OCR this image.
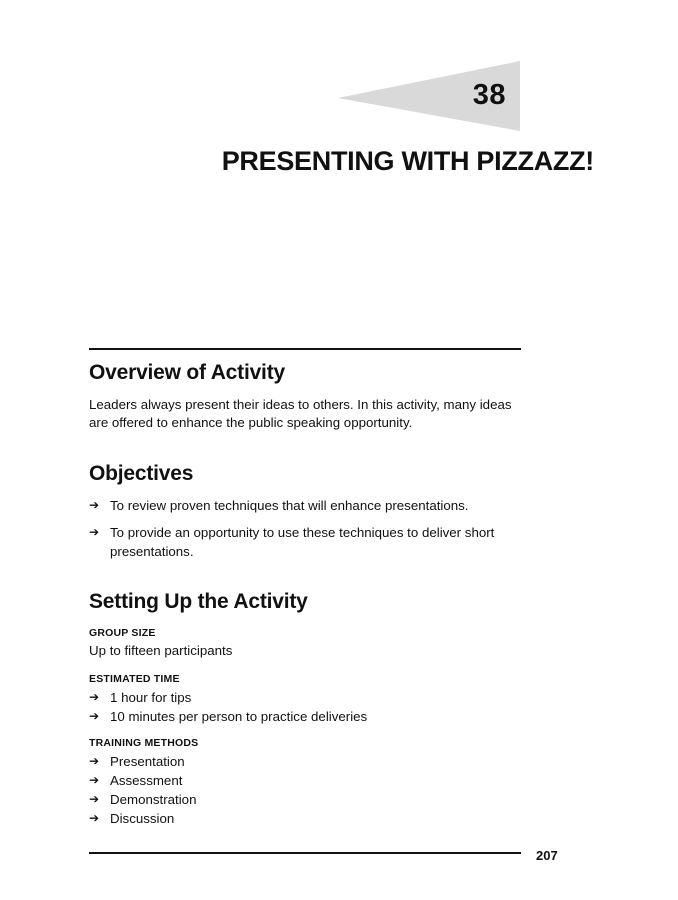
38
PRESENTING WITH PIZZAZZ!
Overview of Activity
Leaders always present their ideas to others. In this activity, many ideas are offered to enhance the public speaking opportunity.
Objectives
➔ To review proven techniques that will enhance presentations.
➔ To provide an opportunity to use these techniques to deliver short presentations.
Setting Up the Activity
GROUP SIZE
Up to fifteen participants
ESTIMATED TIME
➔ 1 hour for tips
➔ 10 minutes per person to practice deliveries
TRAINING METHODS
➔ Presentation
➔ Assessment
➔ Demonstration
➔ Discussion
207
